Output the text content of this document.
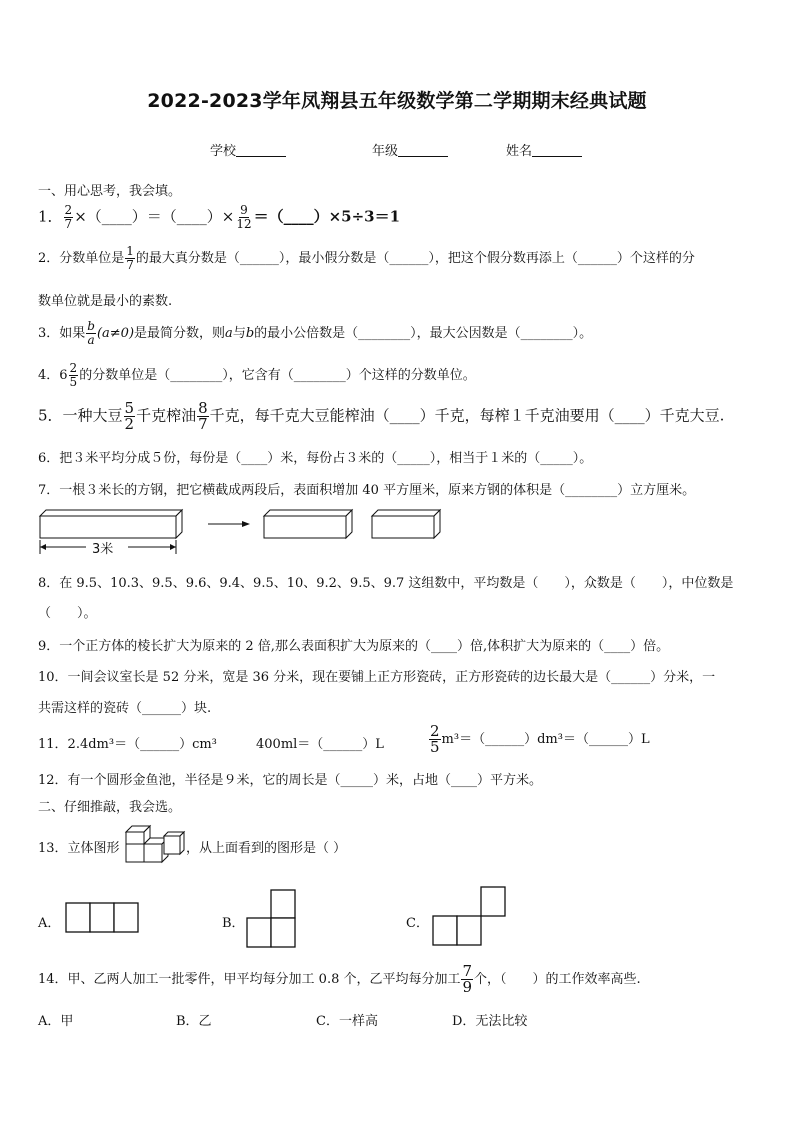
2022-2023学年凤翔县五年级数学第二学期期末经典试题
学校	年级	姓名
一、用心思考，我会填。
1． $\frac{2}{7}$ ×（____）＝（____）× $\frac{9}{12}$ ＝（____）×5÷3＝1
2．分数单位是 $\frac{1}{7}$ 的最大真分数是（______），最小假分数是（______），把这个假分数再添上（______）个这样的分
数单位就是最小的素数.
3．如果 $\frac{b}{a} (a\ne 0)$是最简分数，则a与b的最小公倍数是（________），最大公因数是（________）。
4．$6 \frac{2}{5}$ 的分数单位是（________），它含有（________）个这样的分数单位。
5．一种大豆 $\frac{5}{2}$ 千克榨油 $\frac{8}{7}$ 千克，每千克大豆能榨油（____）千克，每榨１千克油要用（____）千克大豆.
6．把３米平均分成５份，每份是（____）米，每份占３米的（_____），相当于１米的（_____）。
7．一根３米长的方钢，把它横截成两段后，表面积增加 40 平方厘米，原来方钢的体积是（________）立方厘米。
3米
8．在 9.5、10.3、9.5、9.6、9.4、9.5、10、9.2、9.5、9.7 这组数中，平均数是（　　），众数是（　　），中位数是
（　　）。
9．一个正方体的棱长扩大为原来的 2 倍,那么表面积扩大为原来的（____）倍,体积扩大为原来的（____）倍。
10．一间会议室长是 52 分米，宽是 36 分米，现在要铺上正方形瓷砖，正方形瓷砖的边长最大是（______）分米，一
共需这样的瓷砖（______）块.
11．2.4dm³＝（______）cm³	400ml＝（______）L	$\frac{2}{5}$ m³＝（______）dm³＝（______）L
12．有一个圆形金鱼池，半径是９米，它的周长是（_____）米，占地（____）平方米。
二、仔细推敲，我会选。
13．立体图形	，从上面看到的图形是（ ）
A．	B．	C．
14．甲、乙两人加工一批零件，甲平均每分加工 0.8 个，乙平均每分加工 $\frac{7}{9}$ 个，（　　）的工作效率高些.
A．甲	B．乙	C．一样高	D．无法比较
